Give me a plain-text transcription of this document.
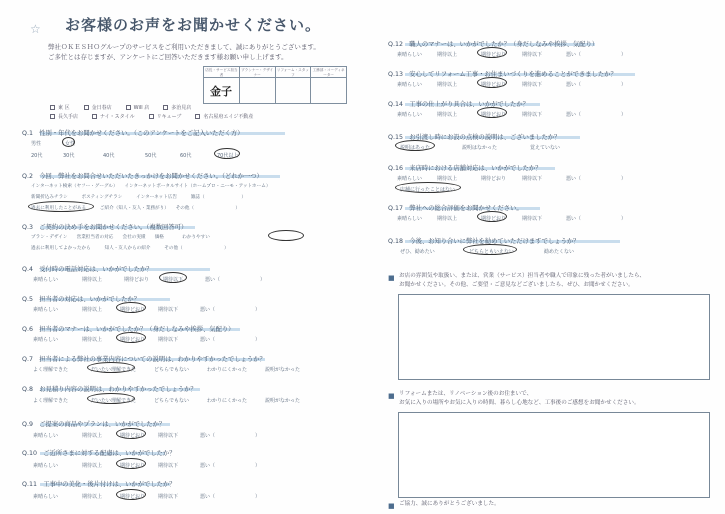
☆ お客様のお声をお聞かせください。
弊社ＯＫＥＳＨＯグループのサービスをご利用いただきまして、誠にありがとうございます。
ご多忙とは存じますが、アンケートにご回答いただきます様お願い申し上げます。
店長・サービス担当者
プランナー・デザイナー
リフォーム・スタッフ
工務部・コーディネーター
金子
東 区	金日春店	Will 店	多治見店
長久手店	ナイ・スタイル	リキューブ	名古屋府エイジ不動産
Q.1　性別・年代をお聞かせください。（このアンケートをご記入いただく方）
男性	女性
20代	30代	40代	50代	60代	70代以上
Q.2　今回、弊社をお問合せいただいたきっかけをお聞かせください。（どれか一つ）
インターネット検索（ヤフー・グーグル）　　インターネットポータルサイト（ホームプロ・ニーモ・アットホーム）
新聞折込みチラシ　　　ポスティングチラシ　　　インターネット広告　　　雑誌（　　　　　　　　）
過去に利用したことがある　　　ご紹介（知人・友人・業務がり）　　その他（　　　　　　　　　）
Q.3　ご契約の決め手をお聞かせください。（複数回答可）
プラン・デザイン　　営業担当者の対応　　会社の実績　　価格　　　　わかりやすい
過去に利用してよかったから　　　知人・友人からの紹介　　　その他（　　　　　　　　　）
Q.4　受付時の電話対応は、いかがでしたか？
素晴らしい	期待以上	期待どおり	期待以下	悪い（　　　　　　　　）
Q.5　担当者の対応は、いかがでしたか？
素晴らしい	期待以上	期待どおり	期待以下	悪い（　　　　　　　　）
Q.6　担当者のマナーは、いかがでしたか？（身だしなみや挨拶、気配り）
素晴らしい	期待以上	期待どおり	期待以下	悪い（　　　　　　　　）
Q.7　担当者による弊社の事業内容についての説明は、わかりやすかったでしょうか？
よく理解できた	だいたい理解できた	どちらでもない	わかりにくかった	説明がなかった
Q.8　お見積り内容の説明は、わかりやすかったでしょうか？
よく理解できた	だいたい理解できた	どちらでもない	わかりにくかった	説明がなかった
Q.9　ご提案の商品やプランは、いかがでしたか？
素晴らしい	期待以上	期待どおり	期待以下	悪い（　　　　　　　　）
Q.10　ご近所さまに対する配慮は、いかがでしたか？
素晴らしい	期待以上	期待どおり	期待以下	悪い（　　　　　　　　）
Q.11　工事中の美化・後片付けは、いかがでしたか？
素晴らしい	期待以上	期待どおり	期待以下	悪い（　　　　　　　　）
Q.12　職人のマナーは、いかがでしたか？（身だしなみや挨拶、気配り）
素晴らしい	期待以上	期待どおり	期待以下	悪い（　　　　　　　　）
Q.13　安心してリフォーム工事・お住まいづくりを進めることができましたか？
素晴らしい	期待以上	期待どおり	期待以下	悪い（　　　　　　　　）
Q.14　工事の仕上がり具合は、いかがでしたか？
素晴らしい	期待以上	期待どおり	期待以下	悪い（　　　　　　　　）
Q.15　お引渡し時にお設の点検の説明は、ございましたか？
説明はあった	説明はなかった	覚えていない
Q.16　来店時における店舗対応は、いかがでしたか？
素晴らしい	期待以上	期待どおり	期待以下	悪い（　　　　　　　　）
店舗に行ったことはない
Q.17　弊社への総合評価をお聞かせください。
素晴らしい	期待以上	期待どおり	期待以下	悪い（　　　　　　　　）
Q.18　今後、お知り合いに弊社を勧めていただけますでしょうか？
ぜひ、勧めたい	どちらともいえない	勧めたくない
■ お店の雰囲気や取扱い、または、営業（サービス）担当者や職人で印象に残った者がいましたら、
お聞かせください。その他、ご要望・ご意見などございましたら、ぜひ、お聞かせください。
■ リフォームまたは、リノベーション後のお住まいで、
お気に入りの場所やお気に入りの時間、暮らし心地など、工事後のご感想をお聞かせください。
■ ご協力、誠にありがとうございました。
